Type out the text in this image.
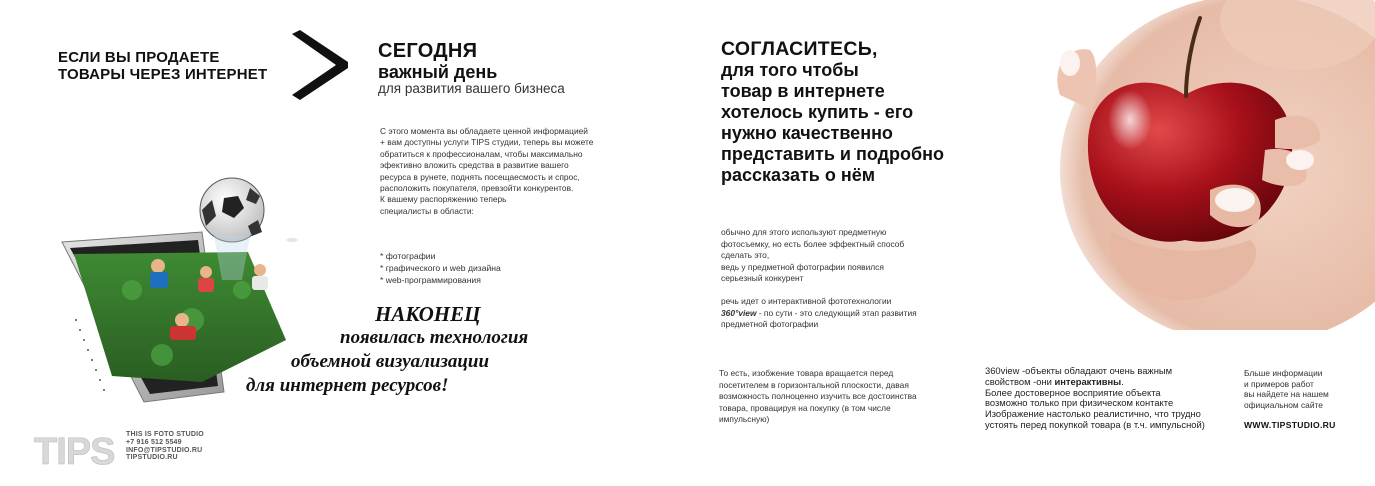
ЕСЛИ ВЫ ПРОДАЕТЕ
ТОВАРЫ ЧЕРЕЗ ИНТЕРНЕТ
СЕГОДНЯ
важный день
для развития вашего бизнеса
С этого момента вы обладаете ценной информацией
+ вам доступны услуги TIPS студии, теперь вы можете
обратиться к профессионалам, чтобы максимально
эфективно вложить средства в развитие вашего
ресурса в рунете, поднять посещаесмость и спрос,
расположить покупателя, превзойти конкурентов.
К вашему распоряжению теперь
специалисты в области:
* фотографии
* графического и web дизайна
* web-программирования
НАКОНЕЦ
появилась технология
объемной визуализации
для интернет ресурсов!
TIPS THIS IS FOTO STUDIO
+7 916 512 5549
INFO@TIPSTUDIO.RU
TIPSTUDIO.RU
СОГЛАСИТЕСЬ,
для того чтобы
товар в интернете
хотелось купить - его
нужно качественно
представить и подробно
рассказать о нём
обычно для этого используют предметную
фотосъемку, но есть более эффектный способ
сделать это,
ведь у предметной фотографии появился
серьезный конкурент
речь идет о интерактивной фототехнологии
360°view - по сути - это следующий этап развития
предметной фотографии
То есть, изобжение товара вращается перед
посетителем в горизонтальной плоскости, давая
возможность полноценно изучить все достоинства
товара, провацируя на покупку (в том числе
импульсную)
360view -объекты обладают очень важным
свойством -они интерактивны.
Более достоверное восприятие объекта
возможно только при физическом контакте
Изображение настолько реалистично, что трудно
устоять перед покупкой товара (в т.ч. импульсной)
Бльше информации
и примеров работ
вы найдете на нашем
официальном сайте
WWW.TIPSTUDIO.RU
